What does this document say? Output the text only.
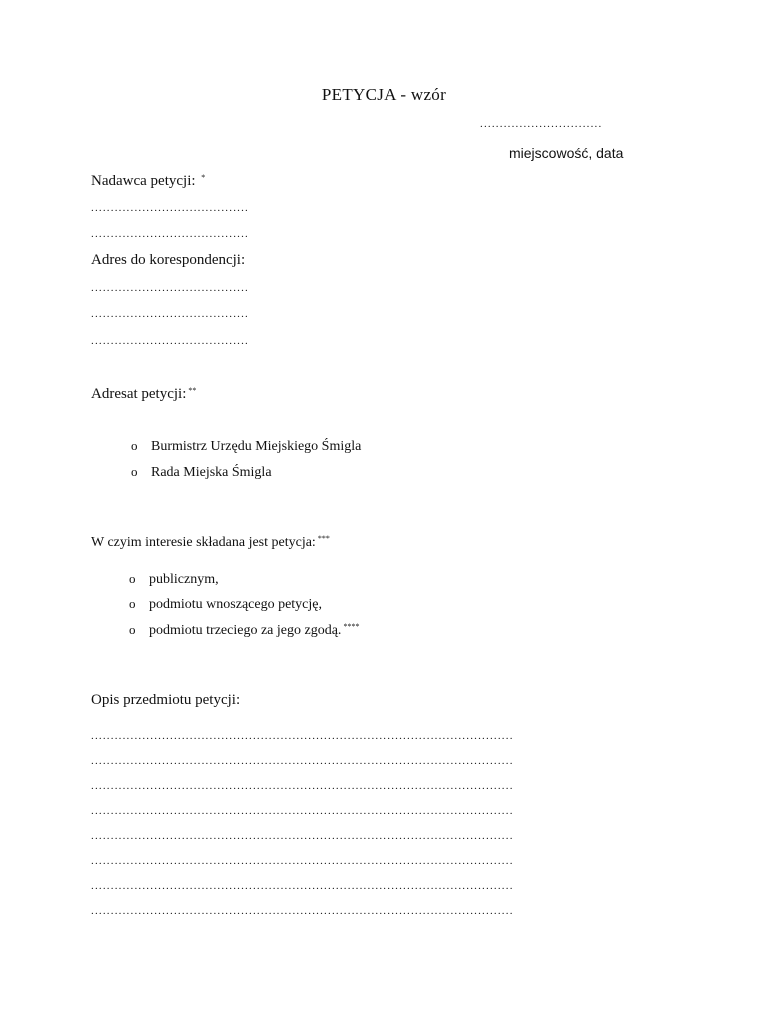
PETYCJA - wzór
...............................
miejscowość, data
Nadawca petycji: *
........................................
........................................
Adres do korespondencji:
........................................
........................................
........................................
Adresat petycji: **
o Burmistrz Urzędu Miejskiego Śmigla
o Rada Miejska Śmigla
W czyim interesie składana jest petycja: ***
o publicznym,
o podmiotu wnoszącego petycję,
o podmiotu trzeciego za jego zgodą. ****
Opis przedmiotu petycji:
...........................................................................................................
...........................................................................................................
...........................................................................................................
...........................................................................................................
...........................................................................................................
...........................................................................................................
...........................................................................................................
...........................................................................................................
